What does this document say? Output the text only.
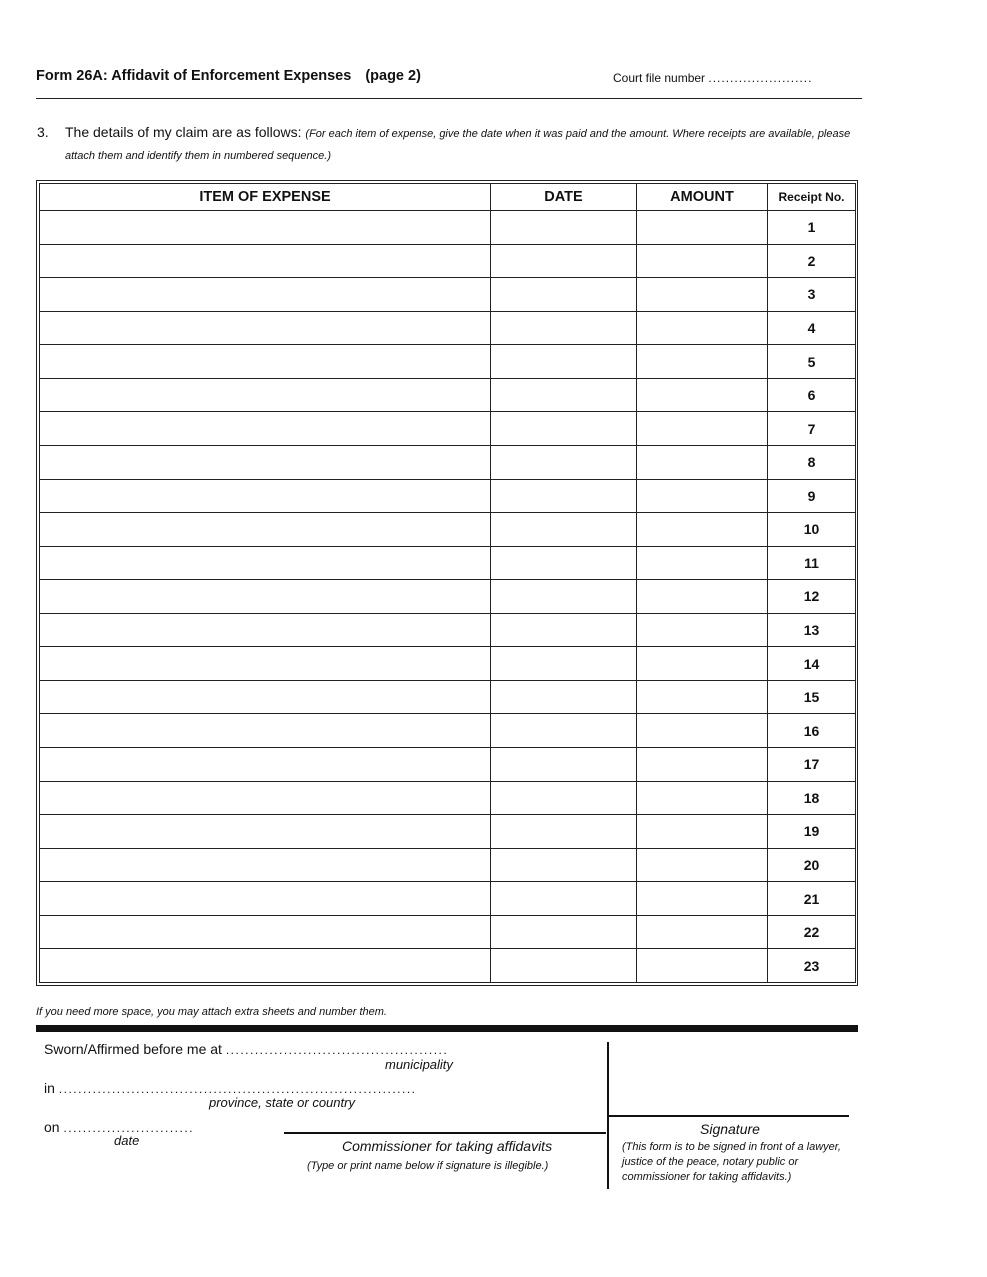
Form 26A: Affidavit of Enforcement Expenses (page 2)	Court file number ........................
3. The details of my claim are as follows: (For each item of expense, give the date when it was paid and the amount. Where receipts are available, please attach them and identify them in numbered sequence.)
ITEM OF EXPENSE	DATE	AMOUNT	Receipt No.
			1
			2
			3
			4
			5
			6
			7
			8
			9
			10
			11
			12
			13
			14
			15
			16
			17
			18
			19
			20
			21
			22
			23
If you need more space, you may attach extra sheets and number them.
Sworn/Affirmed before me at ..............................................
municipality
in ..........................................................................
province, state or country
on ...........................
date	Commissioner for taking affidavits
(Type or print name below if signature is illegible.)
Signature
(This form is to be signed in front of a lawyer, justice of the peace, notary public or commissioner for taking affidavits.)
